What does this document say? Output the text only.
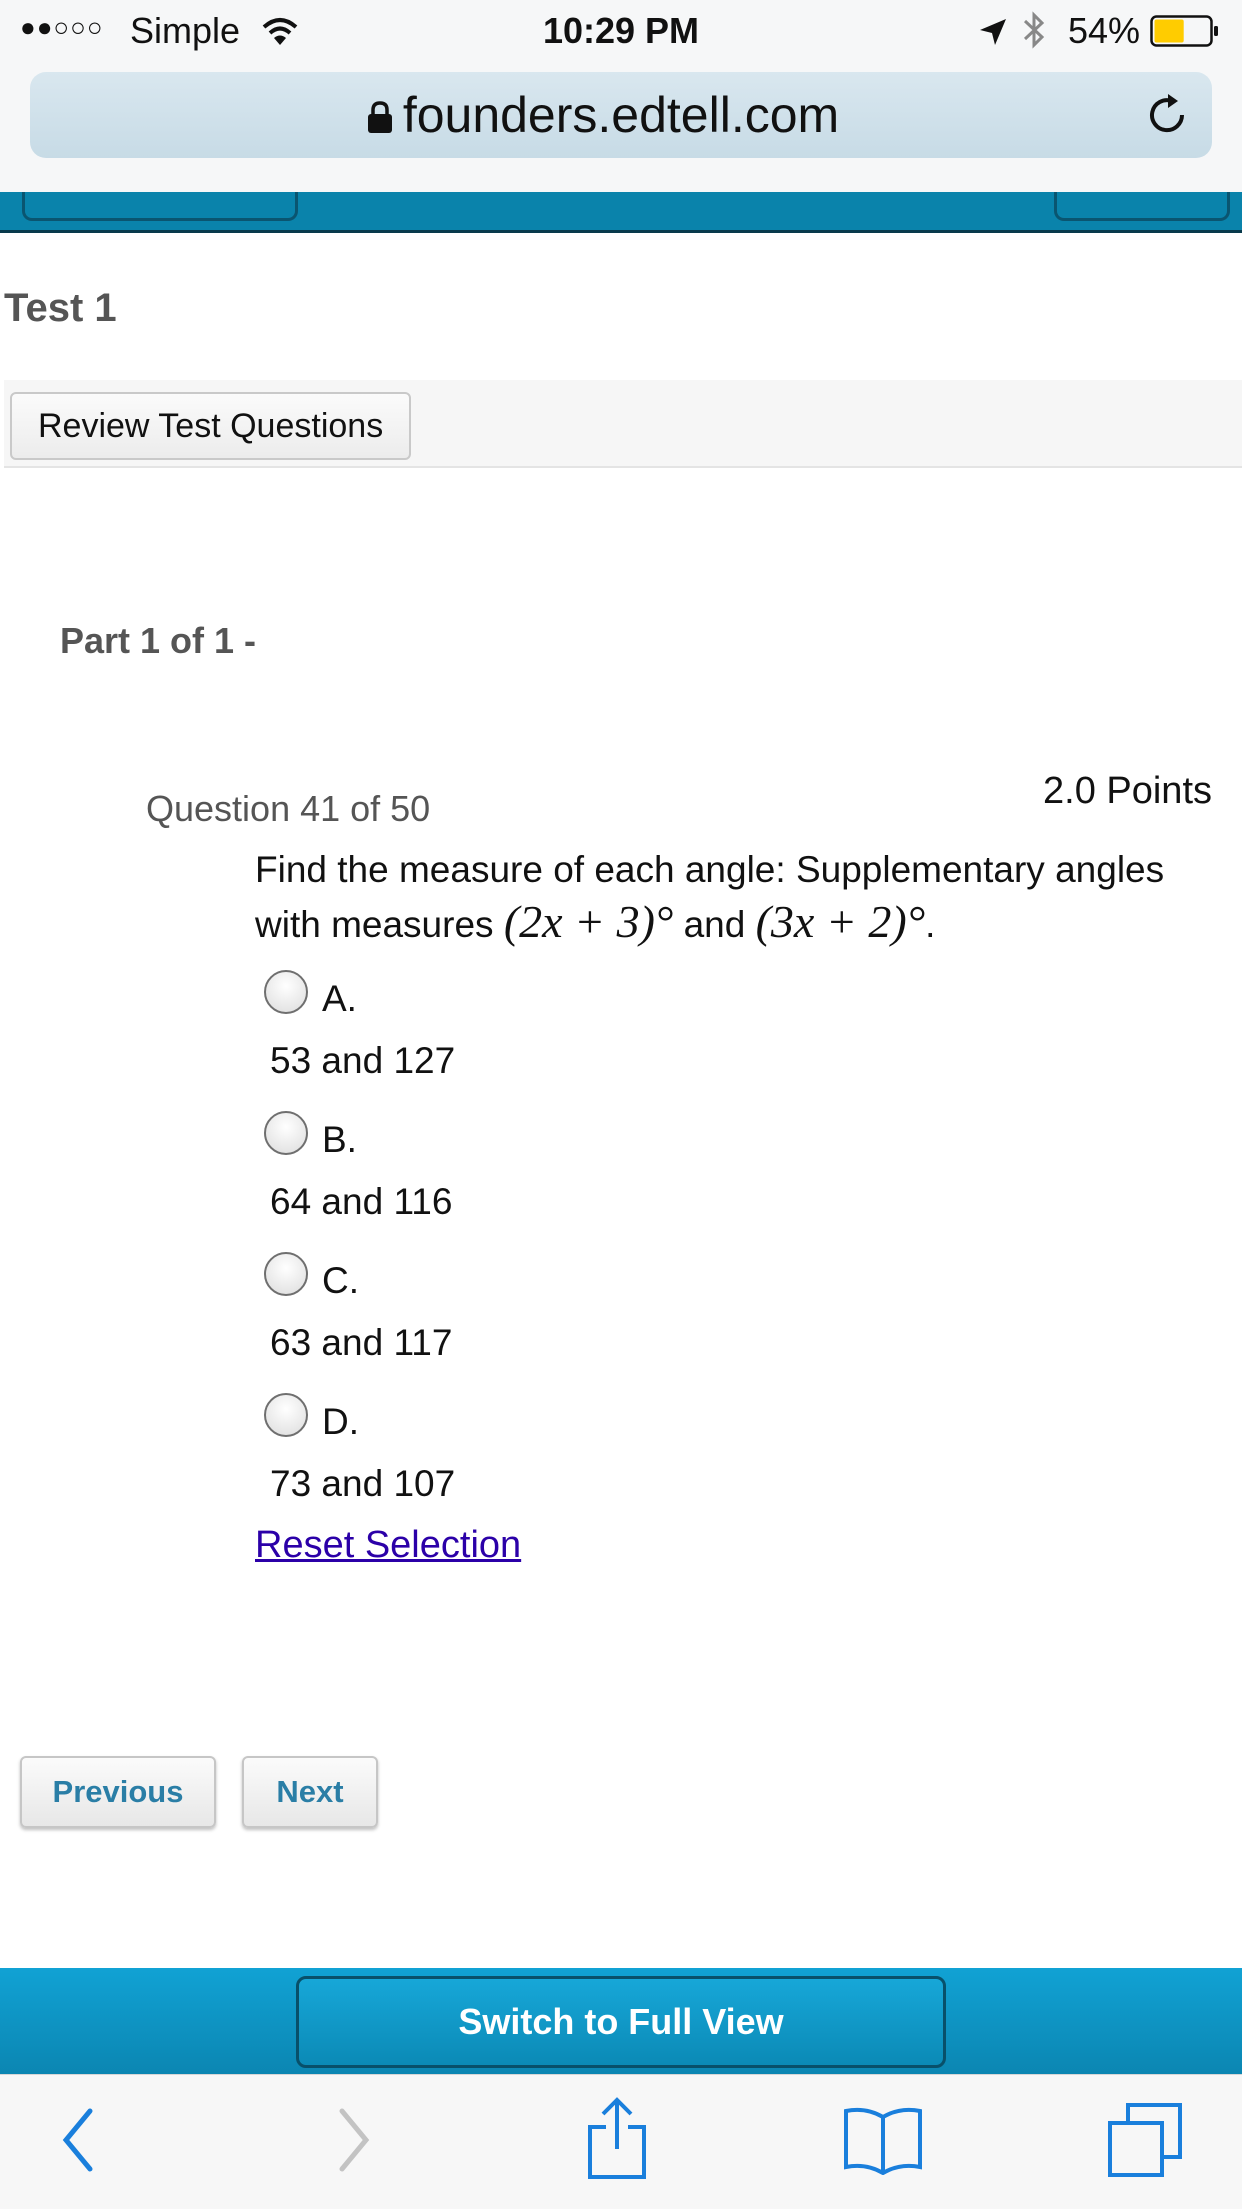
●●○○○ Simple	10:29 PM	54%
founders.edtell.com
Test 1
Review Test Questions
Part 1 of 1 -
Question 41 of 50	2.0 Points
Find the measure of each angle: Supplementary angles with measures (2x + 3)° and (3x + 2)°.
A.
53 and 127
B.
64 and 116
C.
63 and 117
D.
73 and 107
Reset Selection
Previous	Next
Switch to Full View
